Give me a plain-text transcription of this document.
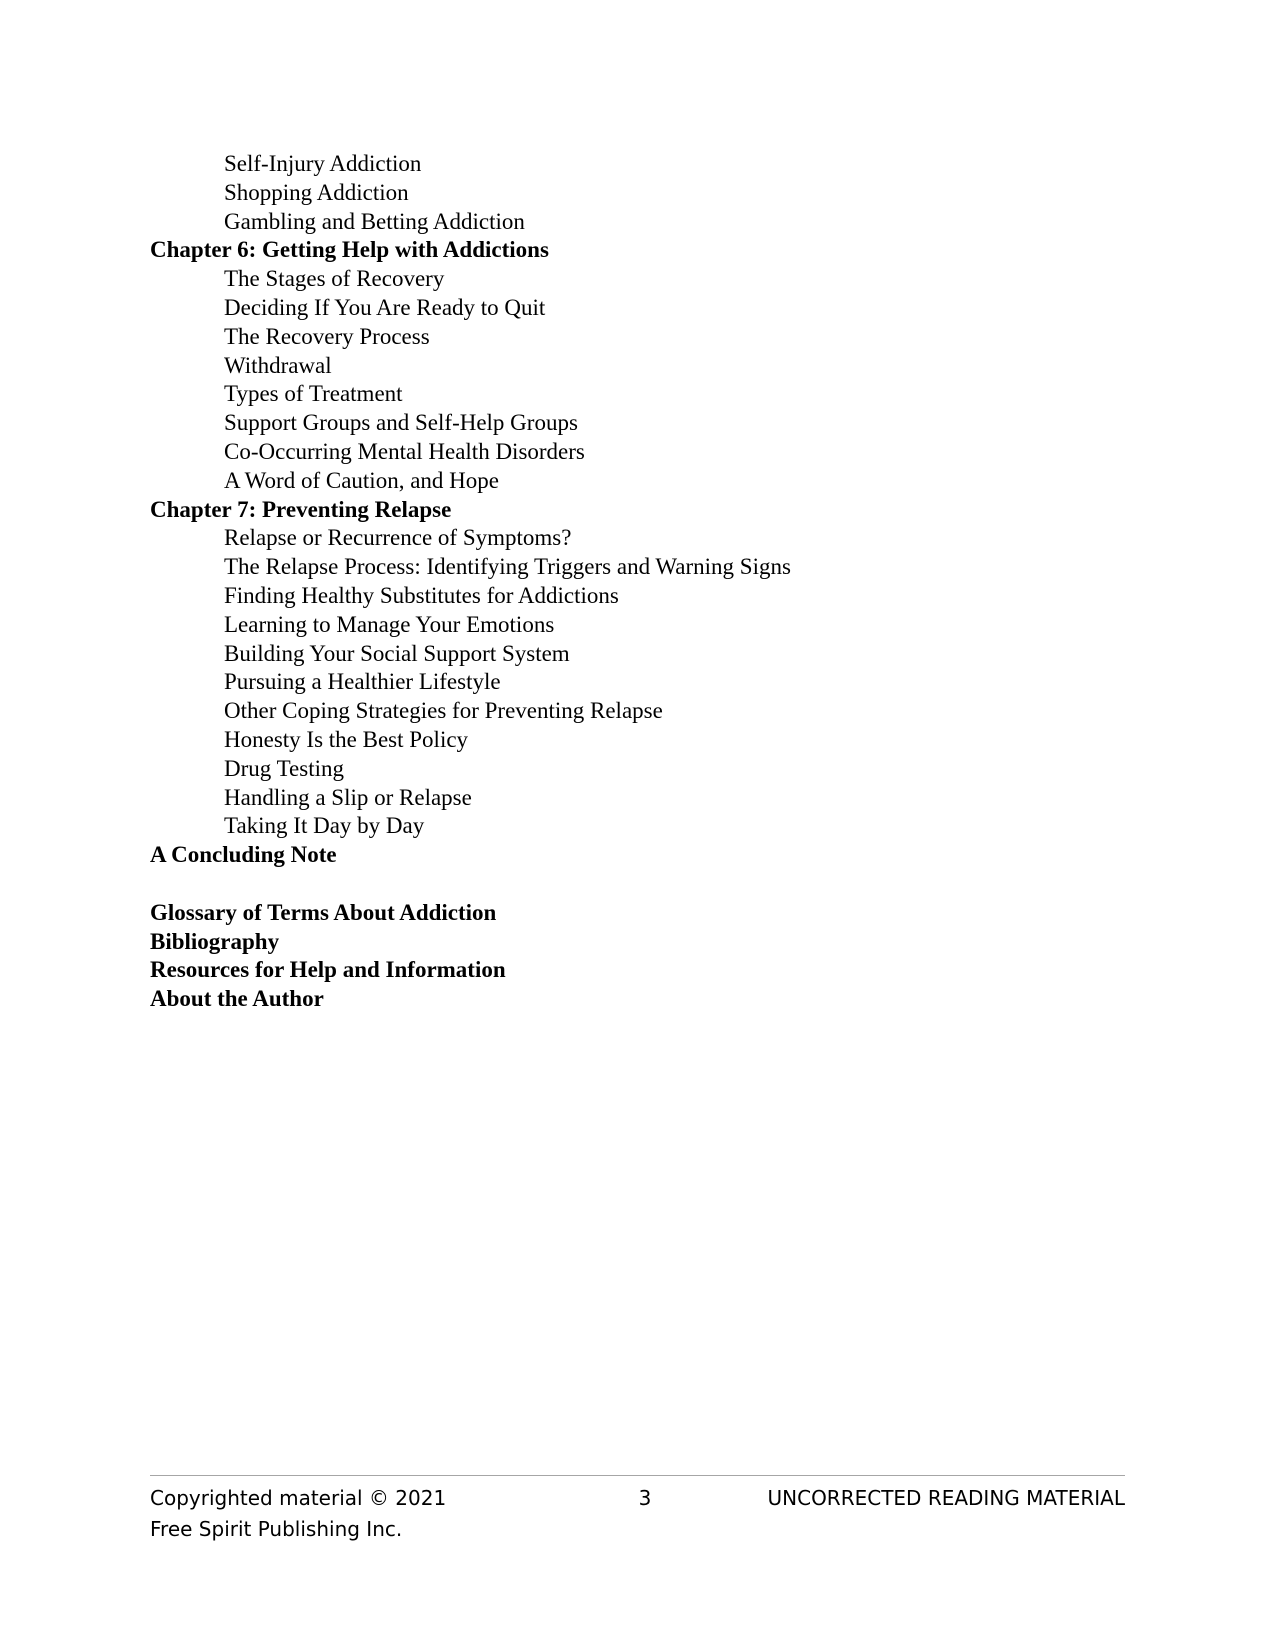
Self-Injury Addiction
Shopping Addiction
Gambling and Betting Addiction
Chapter 6: Getting Help with Addictions
The Stages of Recovery
Deciding If You Are Ready to Quit
The Recovery Process
Withdrawal
Types of Treatment
Support Groups and Self-Help Groups
Co-Occurring Mental Health Disorders
A Word of Caution, and Hope
Chapter 7: Preventing Relapse
Relapse or Recurrence of Symptoms?
The Relapse Process: Identifying Triggers and Warning Signs
Finding Healthy Substitutes for Addictions
Learning to Manage Your Emotions
Building Your Social Support System
Pursuing a Healthier Lifestyle
Other Coping Strategies for Preventing Relapse
Honesty Is the Best Policy
Drug Testing
Handling a Slip or Relapse
Taking It Day by Day
A Concluding Note
Glossary of Terms About Addiction
Bibliography
Resources for Help and Information
About the Author
Copyrighted material © 2021
Free Spirit Publishing Inc.
3	UNCORRECTED READING MATERIAL
